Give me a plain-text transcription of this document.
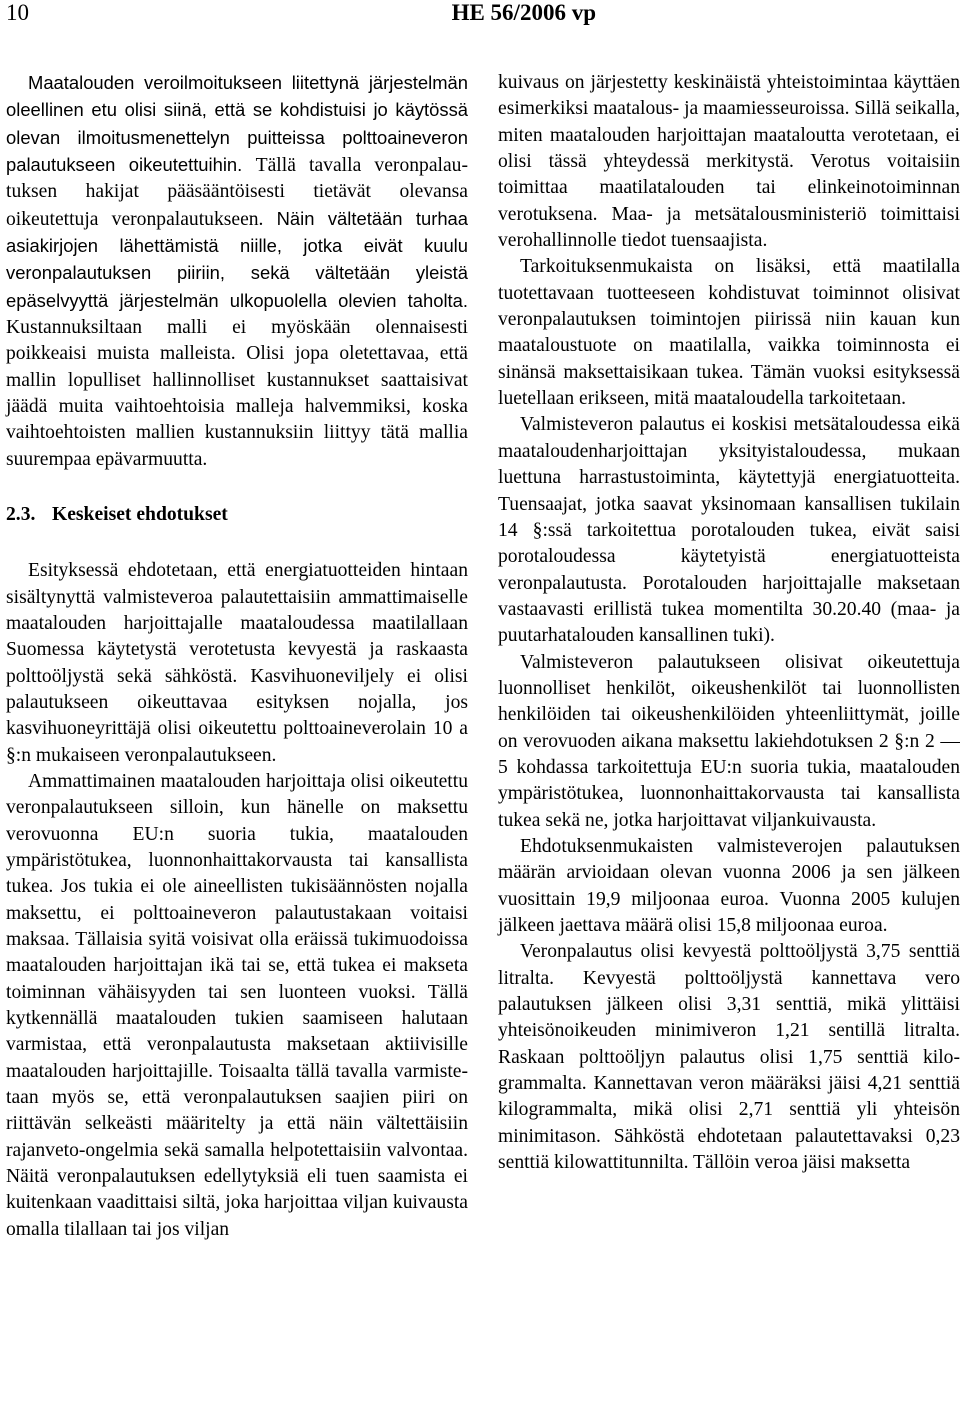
10	HE 56/2006 vp

Maatalouden veroilmoitukseen liitettynä järjestelmän oleellinen etu olisi siinä, että se kohdistuisi jo käytössä olevan ilmoitusmenettelyn puitteissa polttoaineveron palautukseen oikeutettuihin. Tällä tavalla veronpalautuksen hakijat pääsääntöisesti tietävät olevansa oikeutettuja veronpalautukseen. Näin vältetään turhaa asiakirjojen lähettämistä niille, jotka eivät kuulu veronpalautuksen piiriin, sekä vältetään yleistä epäselvyyttä järjestelmän ulkopuolella olevien taholta. Kustannuksiltaan malli ei myöskään olennaisesti poikkeaisi muista malleista. Olisi jopa oletettavaa, että mallin lopulliset hallinnolliset kustannukset saattaisivat jäädä muita vaihtoehtoisia malleja halvemmiksi, koska vaihtoehtoisten mallien kustannuksiin liittyy tätä mallia suurempaa epävarmuutta.

2.3. Keskeiset ehdotukset

Esityksessä ehdotetaan, että energiatuotteiden hintaan sisältynyttä valmisteveroa palautettaisiin ammattimaiselle maatalouden harjoittajalle maataloudessa maatilallaan Suomessa käytetystä verotetusta kevyestä ja raskaasta polttoöljystä sekä sähköstä. Kasvihuoneviljely ei olisi palautukseen oikeuttavaa esityksen nojalla, jos kasvihuoneyrittäjä olisi oikeutettu polttoaineverolain 10 a §:n mukaiseen veronpalautukseen.

Ammattimainen maatalouden harjoittaja olisi oikeutettu veronpalautukseen silloin, kun hänelle on maksettu verovuonna EU:n suoria tukia, maatalouden ympäristötukea, luonnonhaittakorvausta tai kansallista tukea. Jos tukia ei ole aineellisten tukisäännösten nojalla maksettu, ei polttoaineveron palautustakaan voitaisi maksaa. Tällaisia syitä voisivat olla eräissä tukimuodoissa maatalouden harjoittajan ikä tai se, että tukea ei makseta toiminnan vähäisyyden tai sen luonteen vuoksi. Tällä kytkennällä maatalouden tukien saamiseen halutaan varmistaa, että veronpalautusta maksetaan aktiivisille maatalouden harjoittajille. Toisaalta tällä tavalla varmistetaan myös se, että veronpalautuksen saajien piiri on riittävän selkeästi määritelty ja että näin vältettäisiin rajanveto-ongelmia sekä samalla helpotettaisiin valvontaa. Näitä veronpalautuksen edellytyksiä eli tuen saamista ei kuitenkaan vaadittaisi siltä, joka harjoittaa viljan kuivausta omalla tilallaan tai jos viljan

kuivaus on järjestetty keskinäistä yhteistoimintaa käyttäen esimerkiksi maatalous- ja maamiesseuroissa. Sillä seikalla, miten maatalouden harjoittajan maataloutta verotetaan, ei olisi tässä yhteydessä merkitystä. Verotus voitaisiin toimittaa maatilatalouden tai elinkeinotoiminnan verotuksena. Maa- ja metsätalousministeriö toimittaisi verohallinnolle tiedot tuensaajista.

Tarkoituksenmukaista on lisäksi, että maatilalla tuotettavaan tuotteeseen kohdistuvat toiminnot olisivat veronpalautuksen toimintojen piirissä niin kauan kun maataloustuote on maatilalla, vaikka toiminnosta ei sinänsä maksettaisikaan tukea. Tämän vuoksi esityksessä luetellaan erikseen, mitä maataloudella tarkoitetaan.

Valmisteveron palautus ei koskisi metsätaloudessa eikä maataloudenharjoittajan yksityistaloudessa, mukaan luettuna harrastustoiminta, käytettyjä energiatuotteita. Tuensaajat, jotka saavat yksinomaan kansallisen tukilain 14 §:ssä tarkoitettua porotalouden tukea, eivät saisi porotaloudessa käytetyistä energiatuotteista veronpalautusta. Porotalouden harjoittajalle maksetaan vastaavasti erillistä tukea momentilta 30.20.40 (maa- ja puutarhatalouden kansallinen tuki).

Valmisteveron palautukseen olisivat oikeutettuja luonnolliset henkilöt, oikeushenkilöt tai luonnollisten henkilöiden tai oikeushenkilöiden yhteenliittymät, joille on verovuoden aikana maksettu lakiehdotuksen 2 §:n 2 —5 kohdassa tarkoitettuja EU:n suoria tukia, maatalouden ympäristötukea, luonnonhaittakorvausta tai kansallista tukea sekä ne, jotka harjoittavat viljankuivausta.

Ehdotuksenmukaisten valmisteverojen palautuksen määrän arvioidaan olevan vuonna 2006 ja sen jälkeen vuosittain 19,9 miljoonaa euroa. Vuonna 2005 kulujen jälkeen jaettava määrä olisi 15,8 miljoonaa euroa.

Veronpalautus olisi kevyestä polttoöljystä 3,75 senttiä litralta. Kevyestä polttoöljystä kannettava vero palautuksen jälkeen olisi 3,31 senttiä, mikä ylittäisi yhteisönoikeuden minimiveron 1,21 sentillä litralta. Raskaan polttoöljyn palautus olisi 1,75 senttiä kilogrammalta. Kannettavan veron määräksi jäisi 4,21 senttiä kilogrammalta, mikä olisi 2,71 senttiä yli yhteisön minimitason. Sähköstä ehdotetaan palautettavaksi 0,23 senttiä kilowattitunnilta. Tällöin veroa jäisi maksetta
